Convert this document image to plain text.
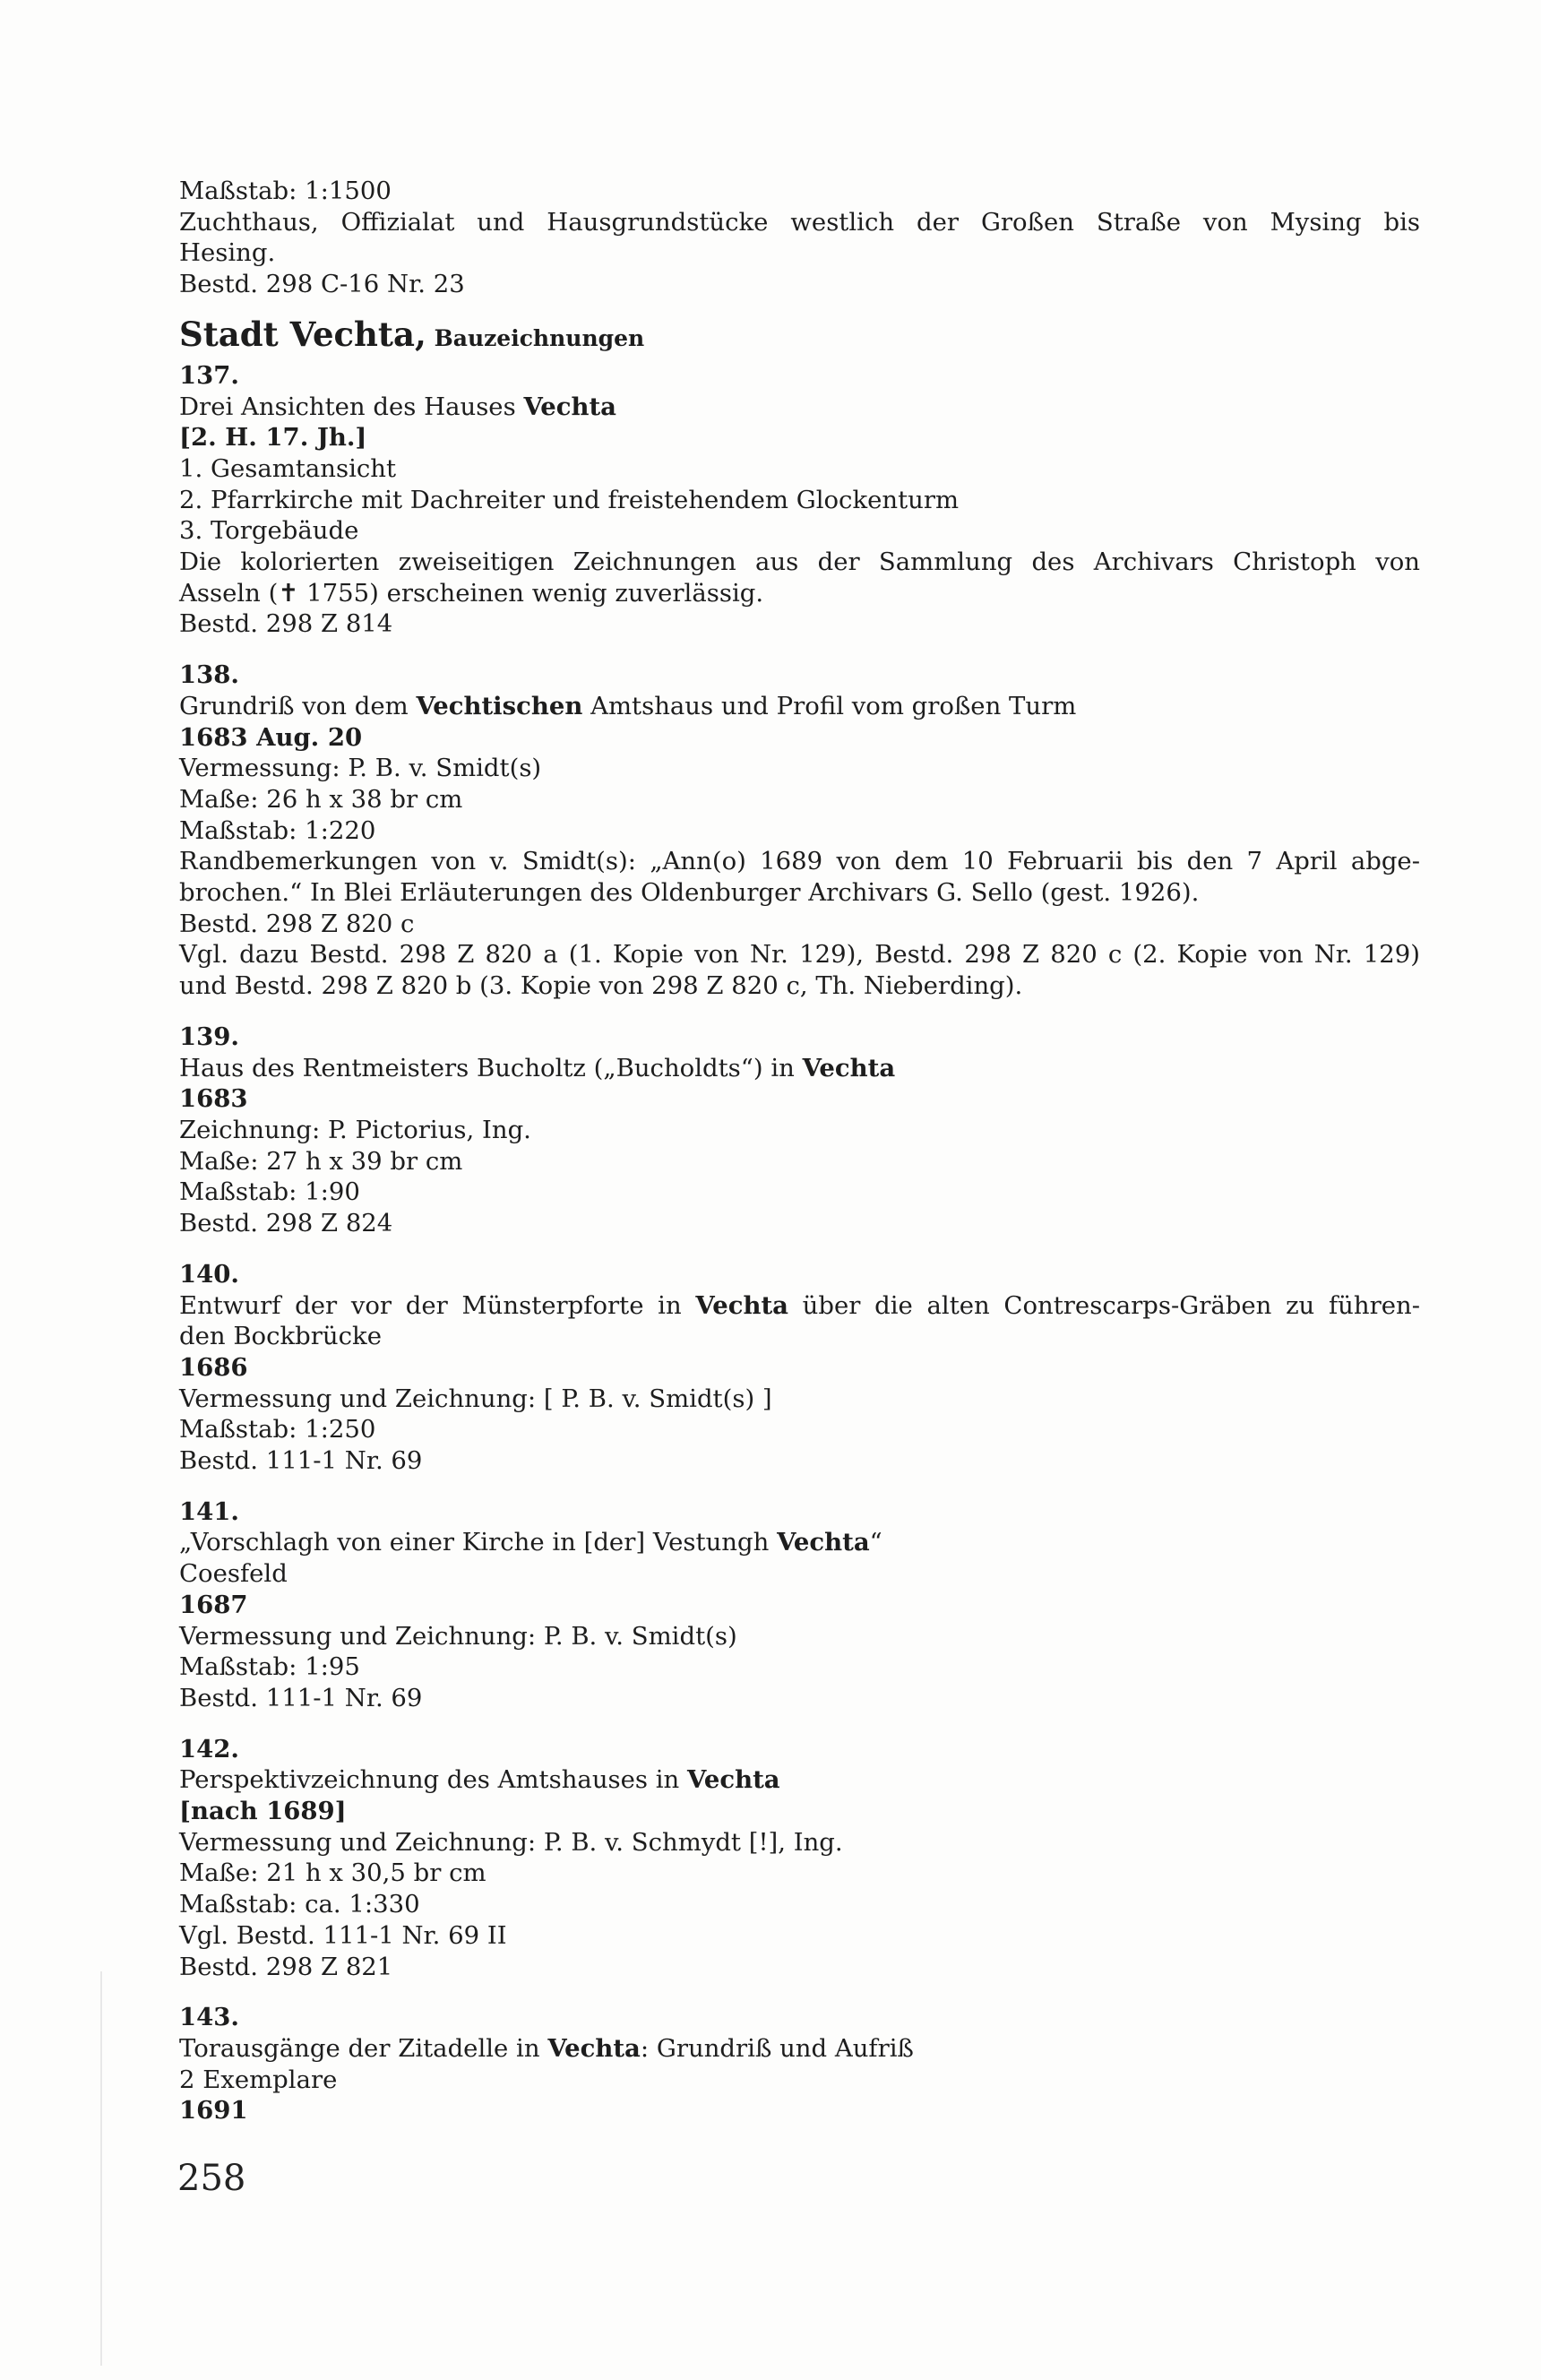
Maßstab: 1:1500
Zuchthaus, Offizialat und Hausgrundstücke westlich der Großen Straße von Mysing bis
Hesing.
Bestd. 298 C-16 Nr. 23
Stadt Vechta, Bauzeichnungen
137.
Drei Ansichten des Hauses Vechta
[2. H. 17. Jh.]
1. Gesamtansicht
2. Pfarrkirche mit Dachreiter und freistehendem Glockenturm
3. Torgebäude
Die kolorierten zweiseitigen Zeichnungen aus der Sammlung des Archivars Christoph von
Asseln (✝ 1755) erscheinen wenig zuverlässig.
Bestd. 298 Z 814
138.
Grundriß von dem Vechtischen Amtshaus und Profil vom großen Turm
1683 Aug. 20
Vermessung: P. B. v. Smidt(s)
Maße: 26 h x 38 br cm
Maßstab: 1:220
Randbemerkungen von v. Smidt(s): „Ann(o) 1689 von dem 10 Februarii bis den 7 April abge-
brochen.“ In Blei Erläuterungen des Oldenburger Archivars G. Sello (gest. 1926).
Bestd. 298 Z 820 c
Vgl. dazu Bestd. 298 Z 820 a (1. Kopie von Nr. 129), Bestd. 298 Z 820 c (2. Kopie von Nr. 129)
und Bestd. 298 Z 820 b (3. Kopie von 298 Z 820 c, Th. Nieberding).
139.
Haus des Rentmeisters Bucholtz („Bucholdts“) in Vechta
1683
Zeichnung: P. Pictorius, Ing.
Maße: 27 h x 39 br cm
Maßstab: 1:90
Bestd. 298 Z 824
140.
Entwurf der vor der Münsterpforte in Vechta über die alten Contrescarps-Gräben zu führen-
den Bockbrücke
1686
Vermessung und Zeichnung: [ P. B. v. Smidt(s) ]
Maßstab: 1:250
Bestd. 111-1 Nr. 69
141.
„Vorschlagh von einer Kirche in [der] Vestungh Vechta“
Coesfeld
1687
Vermessung und Zeichnung: P. B. v. Smidt(s)
Maßstab: 1:95
Bestd. 111-1 Nr. 69
142.
Perspektivzeichnung des Amtshauses in Vechta
[nach 1689]
Vermessung und Zeichnung: P. B. v. Schmydt [!], Ing.
Maße: 21 h x 30,5 br cm
Maßstab: ca. 1:330
Vgl. Bestd. 111-1 Nr. 69 II
Bestd. 298 Z 821
143.
Torausgänge der Zitadelle in Vechta: Grundriß und Aufriß
2 Exemplare
1691
258
